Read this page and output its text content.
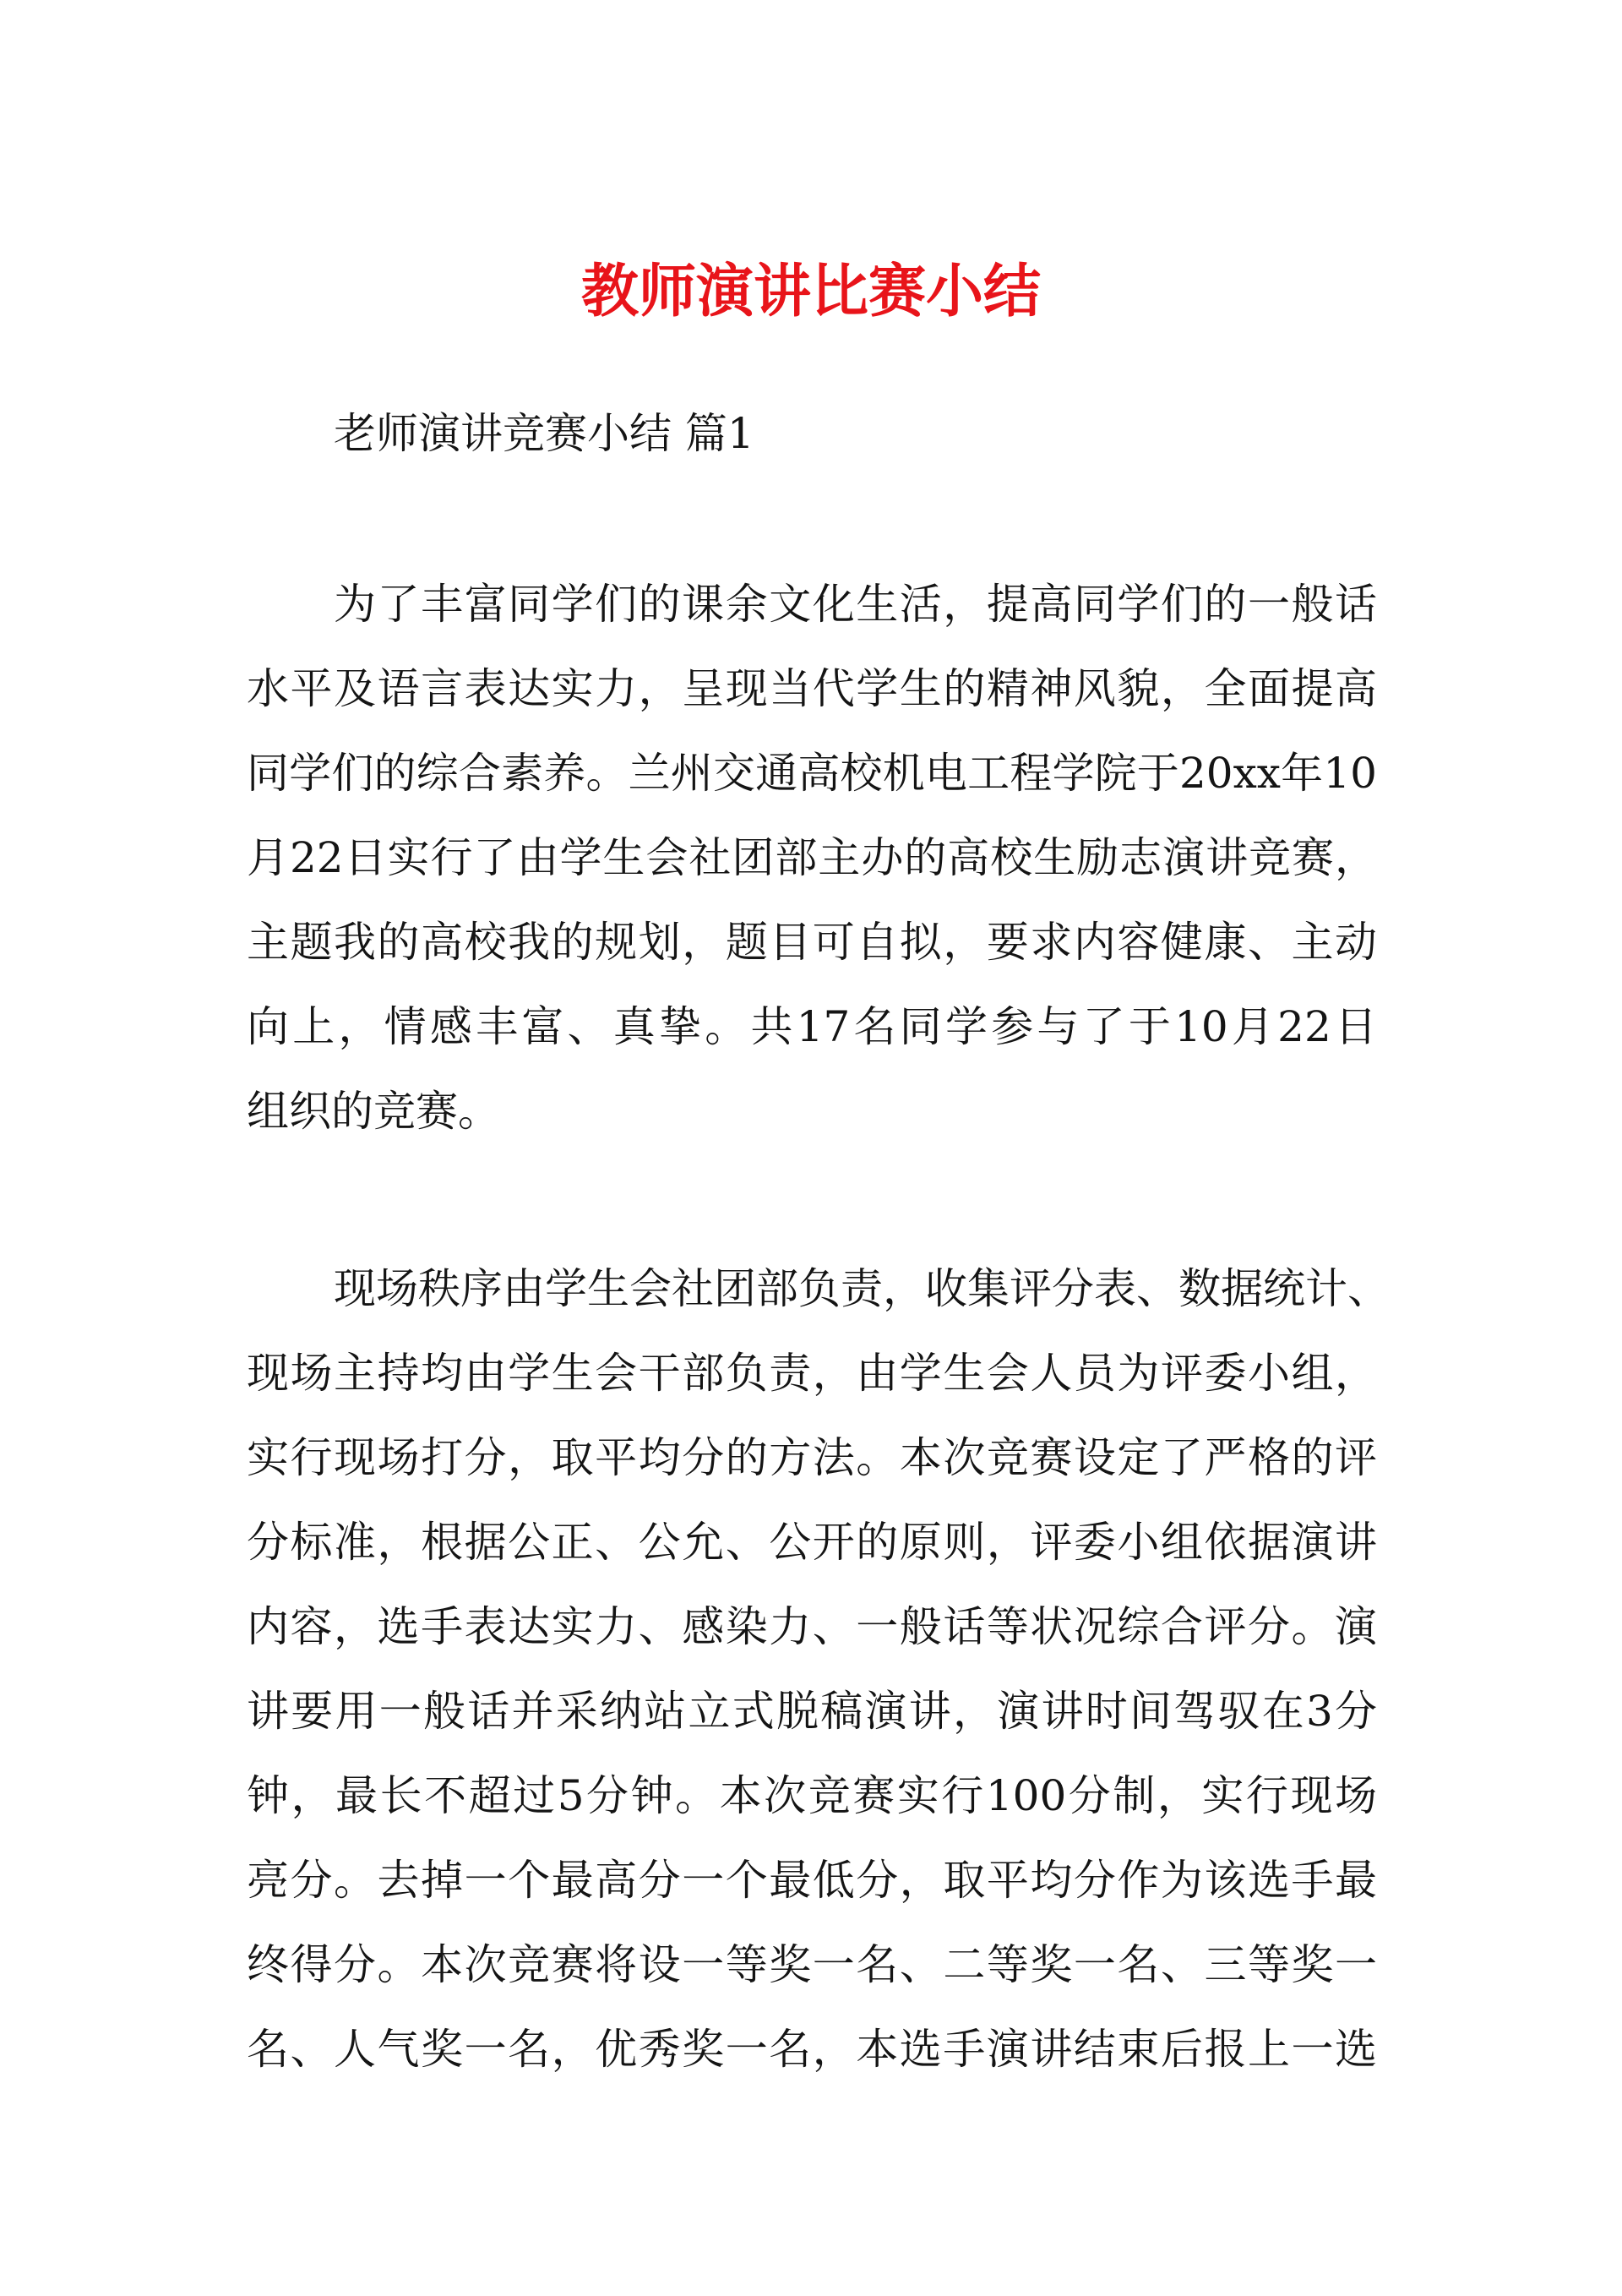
教师演讲比赛小结

老师演讲竞赛小结 篇1

为了丰富同学们的课余文化生活，提高同学们的一般话
水平及语言表达实力，呈现当代学生的精神风貌，全面提高
同学们的综合素养。兰州交通高校机电工程学院于20xx年10
月22日实行了由学生会社团部主办的高校生励志演讲竞赛，
主题我的高校我的规划，题目可自拟，要求内容健康、主动
向上，情感丰富、真挚。共17名同学参与了于10月22日
组织的竞赛。
现场秩序由学生会社团部负责，收集评分表、数据统计、
现场主持均由学生会干部负责，由学生会人员为评委小组，
实行现场打分，取平均分的方法。本次竞赛设定了严格的评
分标准，根据公正、公允、公开的原则，评委小组依据演讲
内容，选手表达实力、感染力、一般话等状况综合评分。演
讲要用一般话并采纳站立式脱稿演讲，演讲时间驾驭在3分
钟，最长不超过5分钟。本次竞赛实行100分制，实行现场
亮分。去掉一个最高分一个最低分，取平均分作为该选手最
终得分。本次竞赛将设一等奖一名、二等奖一名、三等奖一
名、人气奖一名，优秀奖一名，本选手演讲结束后报上一选
